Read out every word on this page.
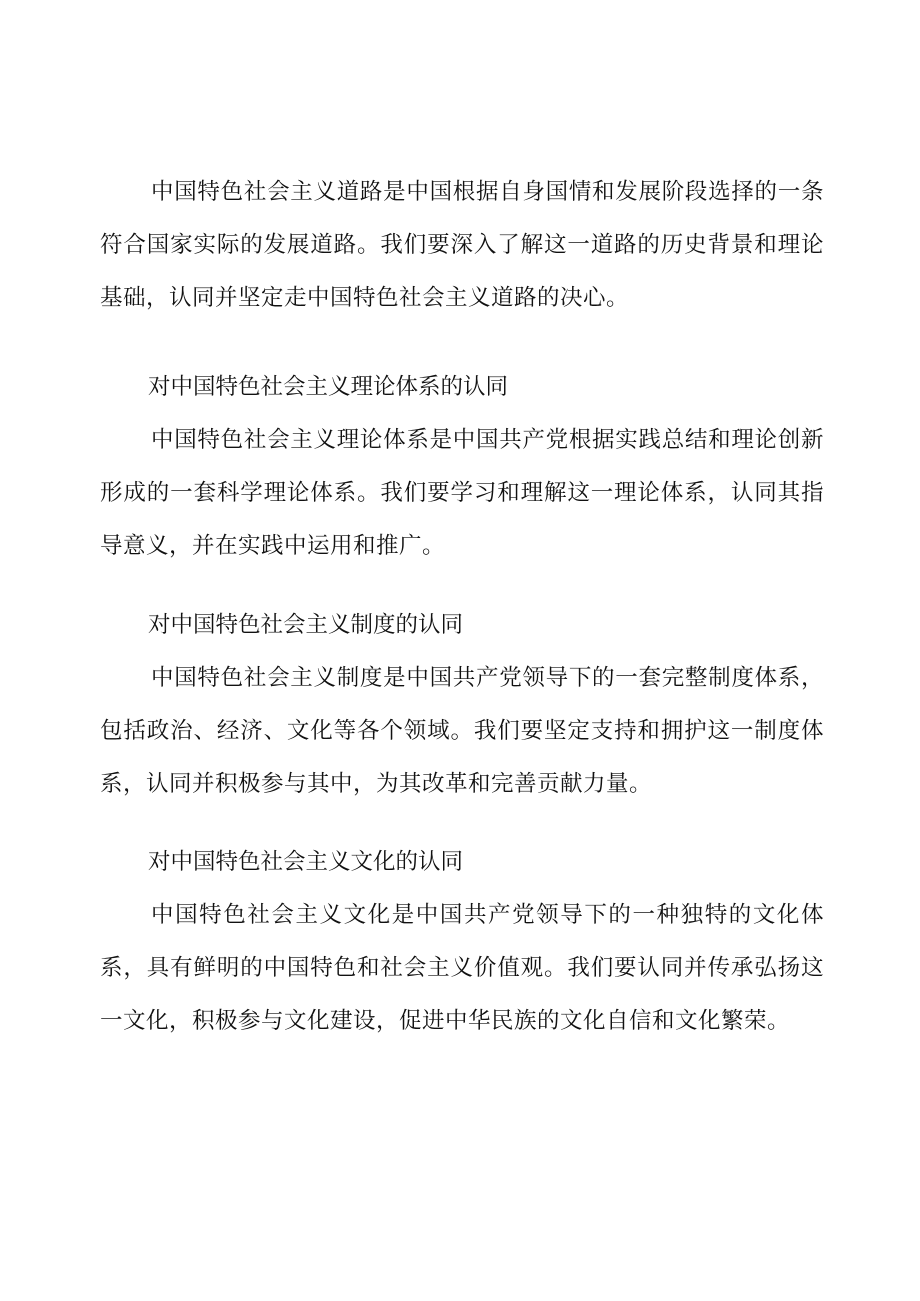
中国特色社会主义道路是中国根据自身国情和发展阶段选择的一条符合国家实际的发展道路。我们要深入了解这一道路的历史背景和理论基础，认同并坚定走中国特色社会主义道路的决心。

对中国特色社会主义理论体系的认同

中国特色社会主义理论体系是中国共产党根据实践总结和理论创新形成的一套科学理论体系。我们要学习和理解这一理论体系，认同其指导意义，并在实践中运用和推广。

对中国特色社会主义制度的认同

中国特色社会主义制度是中国共产党领导下的一套完整制度体系，包括政治、经济、文化等各个领域。我们要坚定支持和拥护这一制度体系，认同并积极参与其中，为其改革和完善贡献力量。

对中国特色社会主义文化的认同

中国特色社会主义文化是中国共产党领导下的一种独特的文化体系，具有鲜明的中国特色和社会主义价值观。我们要认同并传承弘扬这一文化，积极参与文化建设，促进中华民族的文化自信和文化繁荣。
